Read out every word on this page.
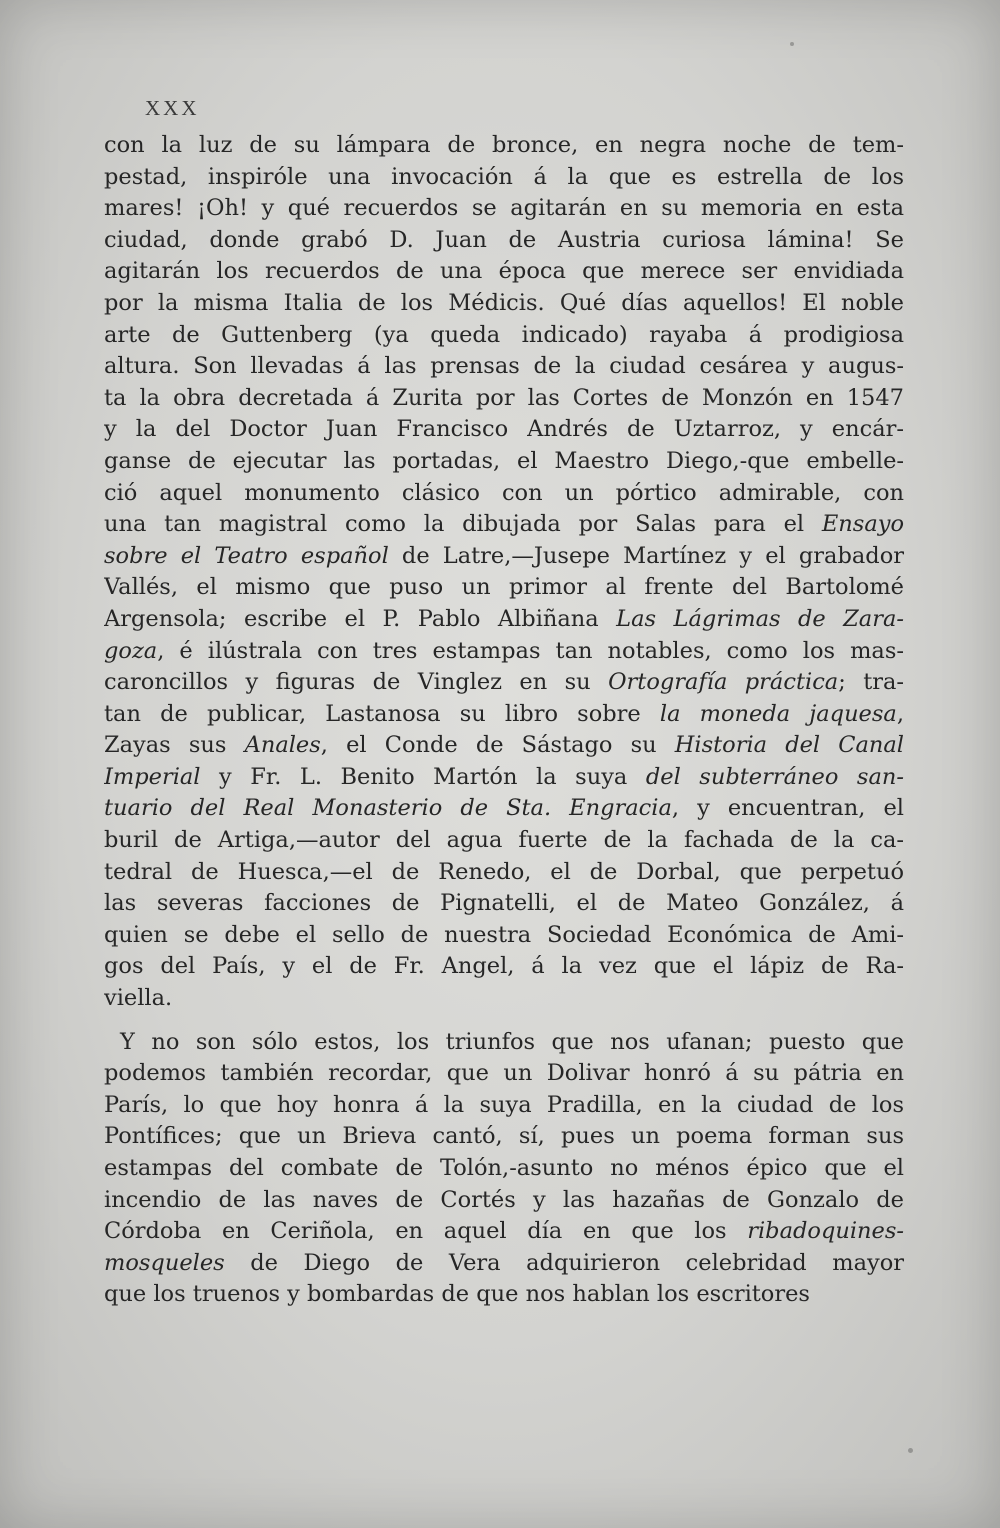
XXX
con la luz de su lámpara de bronce, en negra noche de tem-
pestad, inspiróle una invocación á la que es estrella de los
mares! ¡Oh! y qué recuerdos se agitarán en su memoria en esta
ciudad, donde grabó D. Juan de Austria curiosa lámina! Se
agitarán los recuerdos de una época que merece ser envidiada
por la misma Italia de los Médicis. Qué días aquellos! El noble
arte de Guttenberg (ya queda indicado) rayaba á prodigiosa
altura. Son llevadas á las prensas de la ciudad cesárea y augus-
ta la obra decretada á Zurita por las Cortes de Monzón en 1547
y la del Doctor Juan Francisco Andrés de Uztarroz, y encár-
ganse de ejecutar las portadas, el Maestro Diego,-que embelle-
ció aquel monumento clásico con un pórtico admirable, con
una tan magistral como la dibujada por Salas para el Ensayo
sobre el Teatro español de Latre,—Jusepe Martínez y el grabador
Vallés, el mismo que puso un primor al frente del Bartolomé
Argensola; escribe el P. Pablo Albiñana Las Lágrimas de Zara-
goza, é ilústrala con tres estampas tan notables, como los mas-
caroncillos y figuras de Vinglez en su Ortografía práctica; tra-
tan de publicar, Lastanosa su libro sobre la moneda jaquesa,
Zayas sus Anales, el Conde de Sástago su Historia del Canal
Imperial y Fr. L. Benito Martón la suya del subterráneo san-
tuario del Real Monasterio de Sta. Engracia, y encuentran, el
buril de Artiga,—autor del agua fuerte de la fachada de la ca-
tedral de Huesca,—el de Renedo, el de Dorbal, que perpetuó
las severas facciones de Pignatelli, el de Mateo González, á
quien se debe el sello de nuestra Sociedad Económica de Ami-
gos del País, y el de Fr. Angel, á la vez que el lápiz de Ra-
viella.
Y no son sólo estos, los triunfos que nos ufanan; puesto que
podemos también recordar, que un Dolivar honró á su pátria en
París, lo que hoy honra á la suya Pradilla, en la ciudad de los
Pontífices; que un Brieva cantó, sí, pues un poema forman sus
estampas del combate de Tolón,-asunto no ménos épico que el
incendio de las naves de Cortés y las hazañas de Gonzalo de
Córdoba en Ceriñola, en aquel día en que los ribadoquines-
mosqueles de Diego de Vera adquirieron celebridad mayor
que los truenos y bombardas de que nos hablan los escritores
